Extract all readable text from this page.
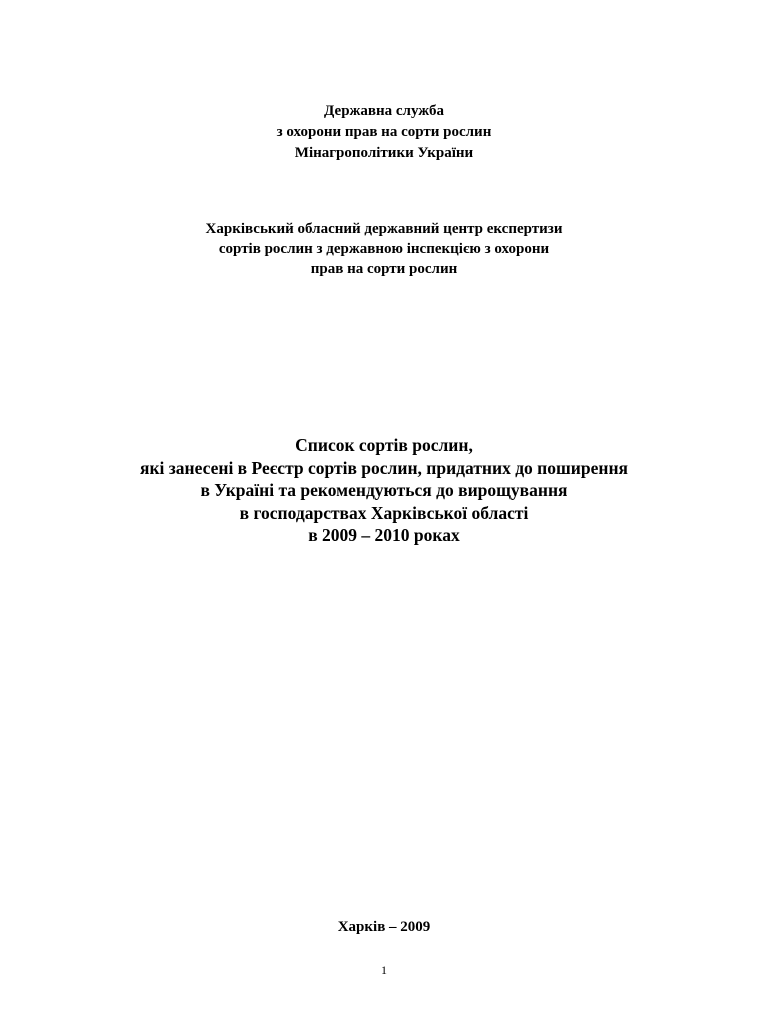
Державна служба
з охорони прав на сорти рослин
Мінагрополітики України
Харківський обласний державний центр експертизи
сортів рослин з державною інспекцією з охорони
прав на сорти рослин
Список сортів рослин,
які занесені в Реєстр сортів рослин, придатних до поширення
в Україні та рекомендуються до вирощування
в господарствах Харківської області
в 2009 – 2010 роках
Харків – 2009
1
